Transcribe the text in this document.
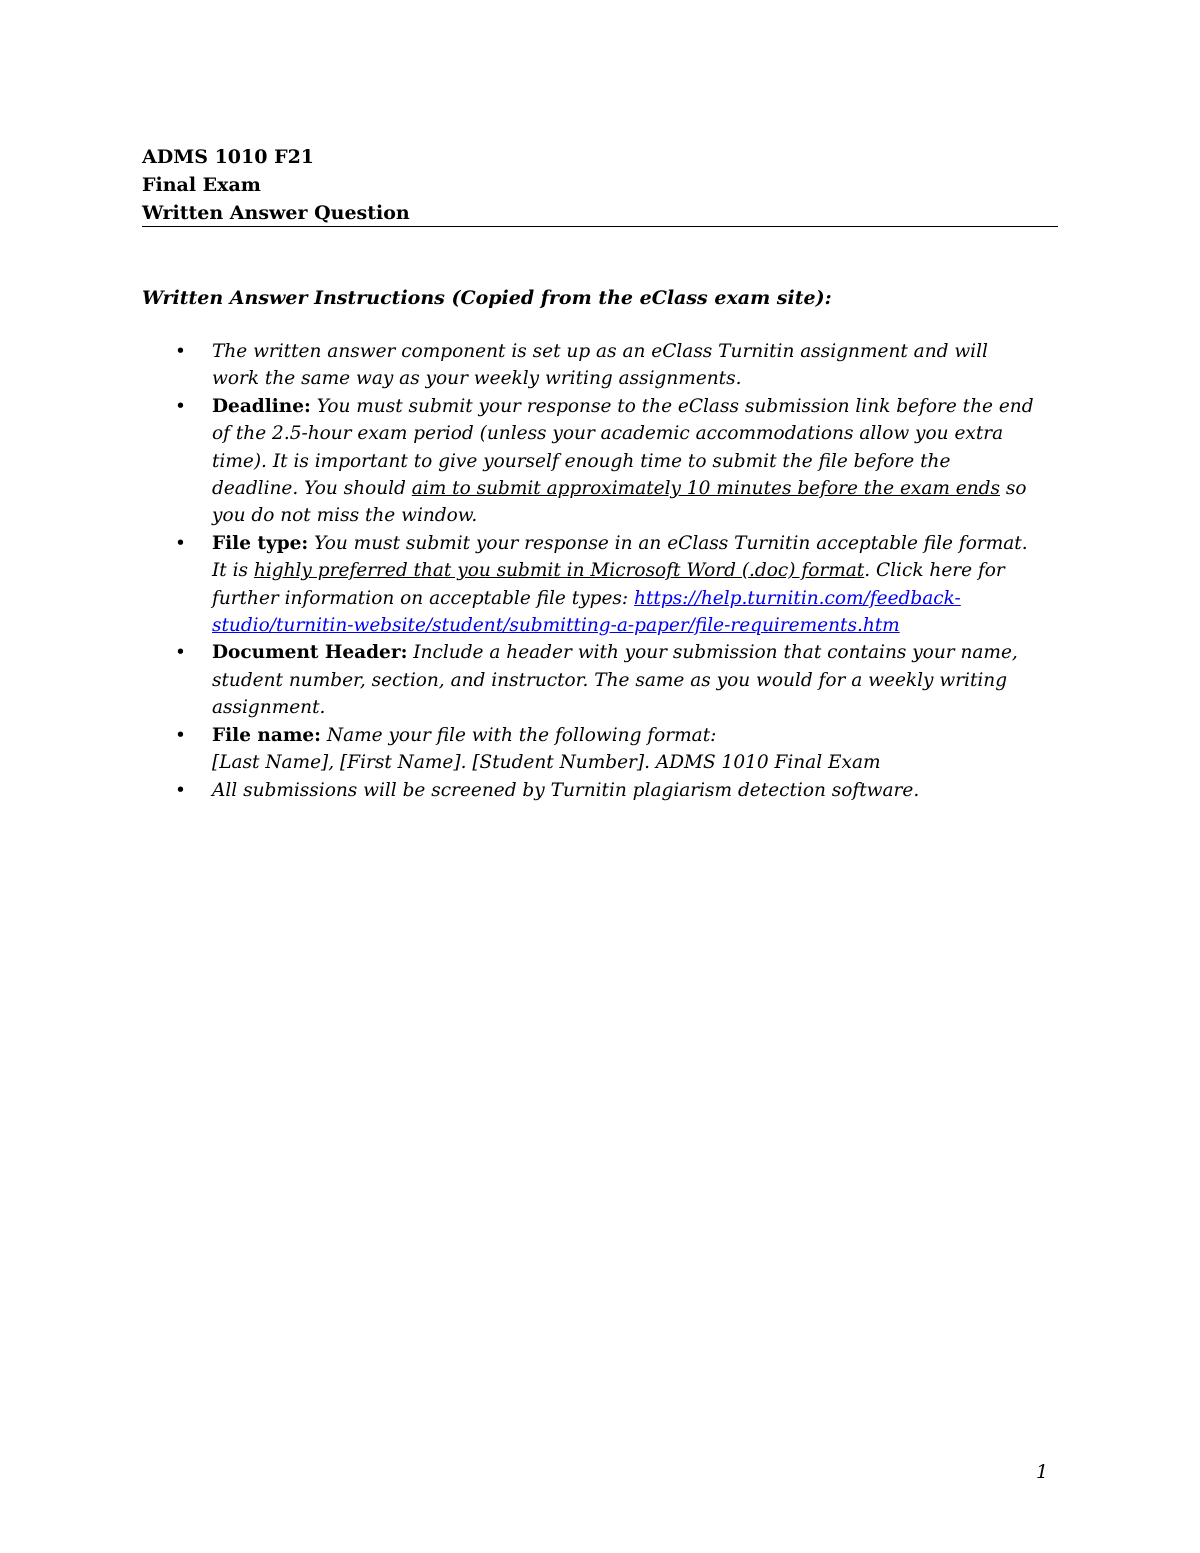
ADMS 1010 F21
Final Exam
Written Answer Question
Written Answer Instructions (Copied from the eClass exam site):
• The written answer component is set up as an eClass Turnitin assignment and will
work the same way as your weekly writing assignments.
• Deadline: You must submit your response to the eClass submission link before the end
of the 2.5-hour exam period (unless your academic accommodations allow you extra
time). It is important to give yourself enough time to submit the file before the
deadline. You should aim to submit approximately 10 minutes before the exam ends so
you do not miss the window.
• File type: You must submit your response in an eClass Turnitin acceptable file format.
It is highly preferred that you submit in Microsoft Word (.doc) format. Click here for
further information on acceptable file types: https://help.turnitin.com/feedback-
studio/turnitin-website/student/submitting-a-paper/file-requirements.htm
• Document Header: Include a header with your submission that contains your name,
student number, section, and instructor. The same as you would for a weekly writing
assignment.
• File name: Name your file with the following format:
[Last Name], [First Name]. [Student Number]. ADMS 1010 Final Exam
• All submissions will be screened by Turnitin plagiarism detection software.
1
